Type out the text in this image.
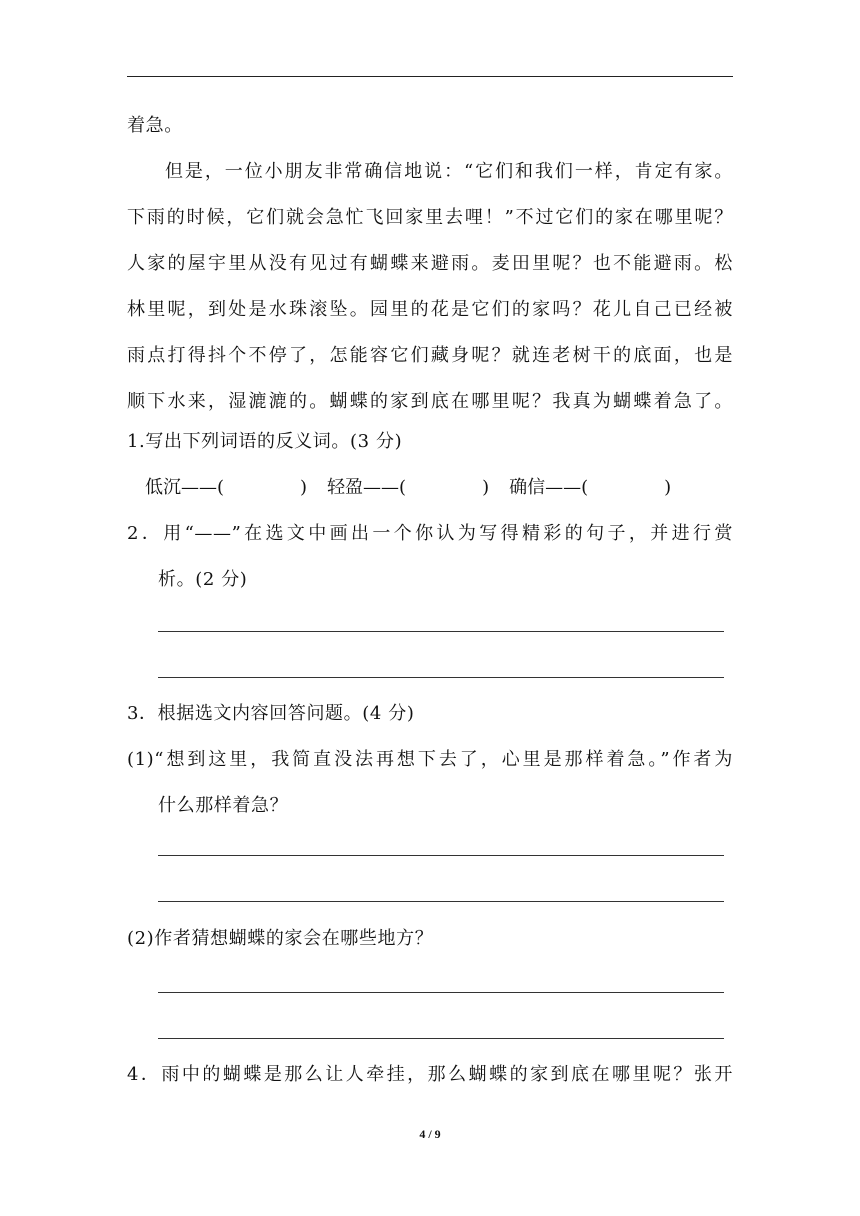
着急。
但是，一位小朋友非常确信地说：“它们和我们一样，肯定有家。
下雨的时候，它们就会急忙飞回家里去哩！”不过它们的家在哪里呢？
人家的屋宇里从没有见过有蝴蝶来避雨。麦田里呢？也不能避雨。松
林里呢，到处是水珠滚坠。园里的花是它们的家吗？花儿自己已经被
雨点打得抖个不停了，怎能容它们藏身呢？就连老树干的底面，也是
顺下水来，湿漉漉的。蝴蝶的家到底在哪里呢？我真为蝴蝶着急了。
1.写出下列词语的反义词。(3 分)
低沉——(	) 轻盈——(	) 确信——(	)
2．用“——”在选文中画出一个你认为写得精彩的句子，并进行赏
析。(2 分)
3．根据选文内容回答问题。(4 分)
(1)“想到这里，我简直没法再想下去了，心里是那样着急。”作者为
什么那样着急？
(2)作者猜想蝴蝶的家会在哪些地方？
4．雨中的蝴蝶是那么让人牵挂，那么蝴蝶的家到底在哪里呢？张开
4 / 9
